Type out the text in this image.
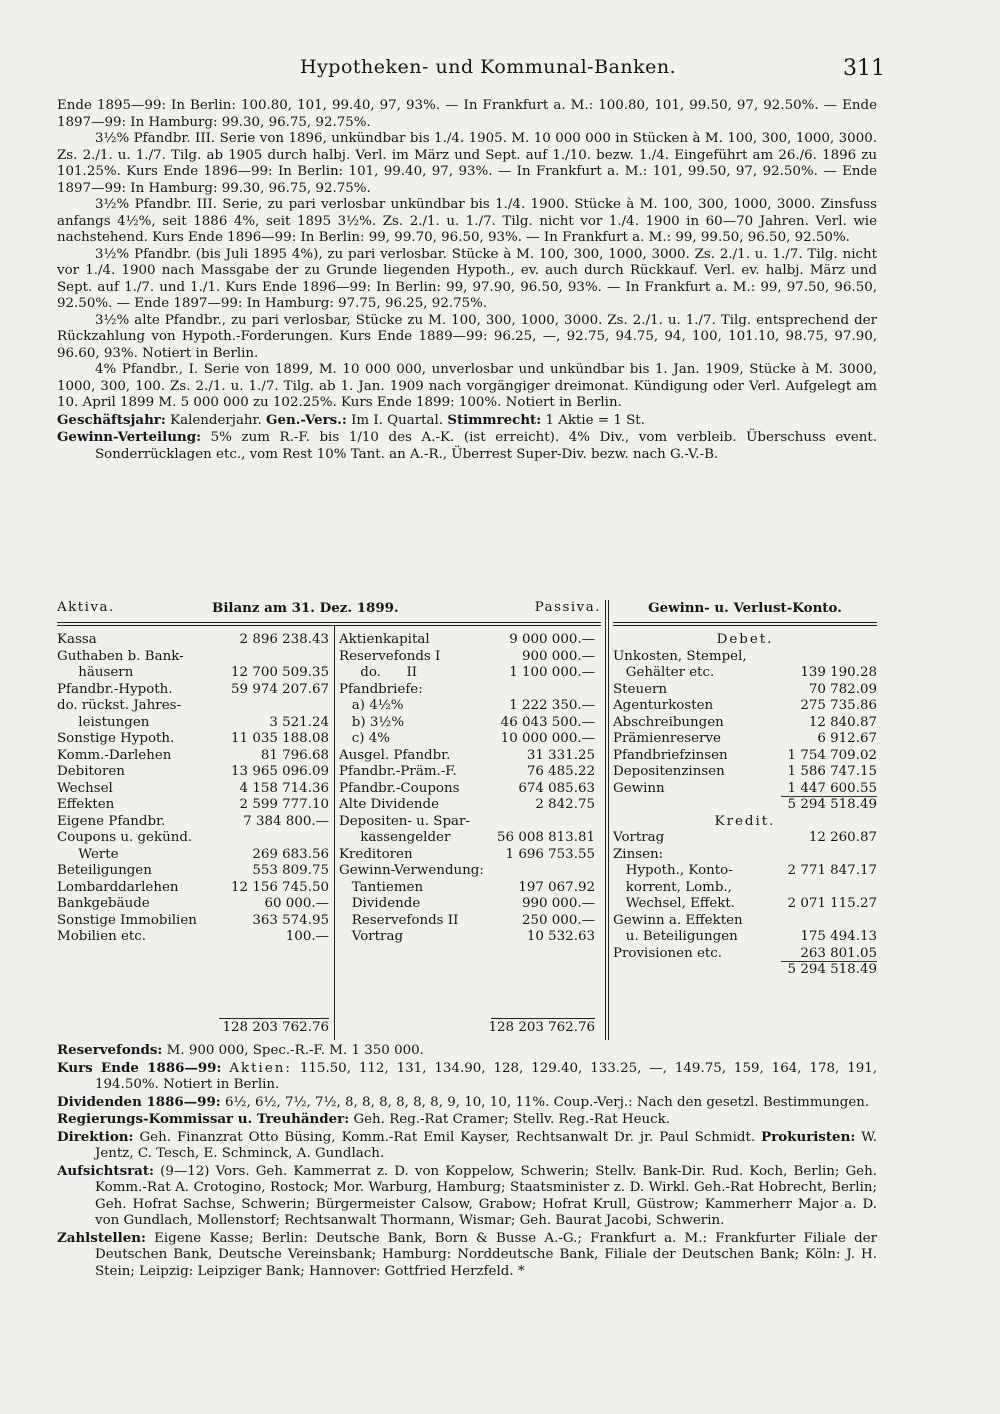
Hypotheken- und Kommunal-Banken.	311

Ende 1895—99: In Berlin: 100.80, 101, 99.40, 97, 93%. — In Frankfurt a. M.: 100.80, 101, 99.50, 97, 92.50%. — Ende 1897—99: In Hamburg: 99.30, 96.75, 92.75%.

3½% Pfandbr. III. Serie von 1896, unkündbar bis 1./4. 1905. M. 10 000 000 in Stücken à M. 100, 300, 1000, 3000. Zs. 2./1. u. 1./7. Tilg. ab 1905 durch halbj. Verl. im März und Sept. auf 1./10. bezw. 1./4. Eingeführt am 26./6. 1896 zu 101.25%. Kurs Ende 1896—99: In Berlin: 101, 99.40, 97, 93%. — In Frankfurt a. M.: 101, 99.50, 97, 92.50%. — Ende 1897—99: In Hamburg: 99.30, 96.75, 92.75%.

3½% Pfandbr. III. Serie, zu pari verlosbar unkündbar bis 1./4. 1900. Stücke à M. 100, 300, 1000, 3000. Zinsfuss anfangs 4½%, seit 1886 4%, seit 1895 3½%. Zs. 2./1. u. 1./7. Tilg. nicht vor 1./4. 1900 in 60—70 Jahren. Verl. wie nachstehend. Kurs Ende 1896—99: In Berlin: 99, 99.70, 96.50, 93%. — In Frankfurt a. M.: 99, 99.50, 96.50, 92.50%.

3½% Pfandbr. (bis Juli 1895 4%), zu pari verlosbar. Stücke à M. 100, 300, 1000, 3000. Zs. 2./1. u. 1./7. Tilg. nicht vor 1./4. 1900 nach Massgabe der zu Grunde liegenden Hypoth., ev. auch durch Rückkauf. Verl. ev. halbj. März und Sept. auf 1./7. und 1./1. Kurs Ende 1896—99: In Berlin: 99, 97.90, 96.50, 93%. — In Frankfurt a. M.: 99, 97.50, 96.50, 92.50%. — Ende 1897—99: In Hamburg: 97.75, 96.25, 92.75%.

3½% alte Pfandbr., zu pari verlosbar, Stücke zu M. 100, 300, 1000, 3000. Zs. 2./1. u. 1./7. Tilg. entsprechend der Rückzahlung von Hypoth.-Forderungen. Kurs Ende 1889—99: 96.25, —, 92.75, 94.75, 94, 100, 101.10, 98.75, 97.90, 96.60, 93%. Notiert in Berlin.

4% Pfandbr., I. Serie von 1899, M. 10 000 000, unverlosbar und unkündbar bis 1. Jan. 1909, Stücke à M. 3000, 1000, 300, 100. Zs. 2./1. u. 1./7. Tilg. ab 1. Jan. 1909 nach vorgängiger dreimonat. Kündigung oder Verl. Aufgelegt am 10. April 1899 M. 5 000 000 zu 102.25%. Kurs Ende 1899: 100%. Notiert in Berlin.

Geschäftsjahr: Kalenderjahr. Gen.-Vers.: Im I. Quartal. Stimmrecht: 1 Aktie = 1 St.

Gewinn-Verteilung: 5% zum R.-F. bis 1/10 des A.-K. (ist erreicht). 4% Div., vom verbleib. Überschuss event. Sonderrücklagen etc., vom Rest 10% Tant. an A.-R., Überrest Super-Div. bezw. nach G.-V.-B.

Aktiva.	Bilanz am 31. Dez. 1899.	Passiva.	Gewinn- u. Verlust-Konto.
Kassa	2 896 238.43
Guthaben b. Bank-
häusern	12 700 509.35
Pfandbr.-Hypoth.	59 974 207.67
do. rückst. Jahres-
leistungen	3 521.24
Sonstige Hypoth.	11 035 188.08
Komm.-Darlehen	81 796.68
Debitoren	13 965 096.09
Wechsel	4 158 714.36
Effekten	2 599 777.10
Eigene Pfandbr.	7 384 800.—
Coupons u. gekünd.
Werte	269 683.56
Beteiligungen	553 809.75
Lombarddarlehen	12 156 745.50
Bankgebäude	60 000.—
Sonstige Immobilien	363 574.95
Mobilien etc.	100.—
Aktienkapital	9 000 000.—
Reservefonds I	900 000.—
do.      II	1 100 000.—
Pfandbriefe:
a) 4½%	1 222 350.—
b) 3½%	46 043 500.—
c) 4%	10 000 000.—
Ausgel. Pfandbr.	31 331.25
Pfandbr.-Präm.-F.	76 485.22
Pfandbr.-Coupons	674 085.63
Alte Dividende	2 842.75
Depositen- u. Spar-
kassengelder	56 008 813.81
Kreditoren	1 696 753.55
Gewinn-Verwendung:
Tantiemen	197 067.92
Dividende	990 000.—
Reservefonds II	250 000.—
Vortrag	10 532.63
Debet.
Unkosten, Stempel,
Gehälter etc.	139 190.28
Steuern	70 782.09
Agenturkosten	275 735.86
Abschreibungen	12 840.87
Prämienreserve	6 912.67
Pfandbriefzinsen	1 754 709.02
Depositenzinsen	1 586 747.15
Gewinn	1 447 600.55
5 294 518.49
Kredit.
Vortrag	12 260.87
Zinsen:
Hypoth., Konto-	2 771 847.17
korrent, Lomb.,
Wechsel, Effekt.	2 071 115.27
Gewinn a. Effekten
u. Beteiligungen	175 494.13
Provisionen etc.	263 801.05
5 294 518.49
128 203 762.76	128 203 762.76

Reservefonds: M. 900 000, Spec.-R.-F. M. 1 350 000.

Kurs Ende 1886—99: Aktien: 115.50, 112, 131, 134.90, 128, 129.40, 133.25, —, 149.75, 159, 164, 178, 191, 194.50%. Notiert in Berlin.

Dividenden 1886—99: 6½, 6½, 7½, 7½, 8, 8, 8, 8, 8, 8, 9, 10, 10, 11%. Coup.-Verj.: Nach den gesetzl. Bestimmungen.

Regierungs-Kommissar u. Treuhänder: Geh. Reg.-Rat Cramer; Stellv. Reg.-Rat Heuck.

Direktion: Geh. Finanzrat Otto Büsing, Komm.-Rat Emil Kayser, Rechtsanwalt Dr. jr. Paul Schmidt. Prokuristen: W. Jentz, C. Tesch, E. Schminck, A. Gundlach.

Aufsichtsrat: (9—12) Vors. Geh. Kammerrat z. D. von Koppelow, Schwerin; Stellv. Bank-Dir. Rud. Koch, Berlin; Geh. Komm.-Rat A. Crotogino, Rostock; Mor. Warburg, Hamburg; Staatsminister z. D. Wirkl. Geh.-Rat Hobrecht, Berlin; Geh. Hofrat Sachse, Schwerin; Bürgermeister Calsow, Grabow; Hofrat Krull, Güstrow; Kammerherr Major a. D. von Gundlach, Mollenstorf; Rechtsanwalt Thormann, Wismar; Geh. Baurat Jacobi, Schwerin.

Zahlstellen: Eigene Kasse; Berlin: Deutsche Bank, Born & Busse A.-G.; Frankfurt a. M.: Frankfurter Filiale der Deutschen Bank, Deutsche Vereinsbank; Hamburg: Norddeutsche Bank, Filiale der Deutschen Bank; Köln: J. H. Stein; Leipzig: Leipziger Bank; Hannover: Gottfried Herzfeld. *
